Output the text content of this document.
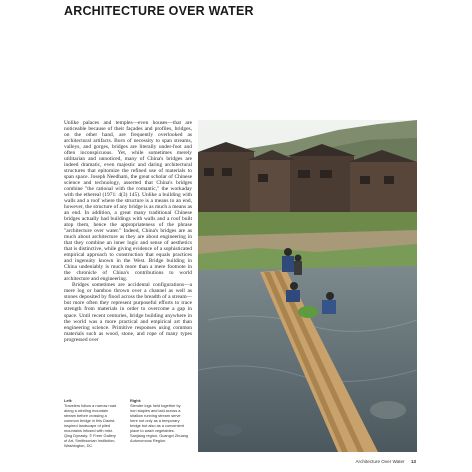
ARCHITECTURE OVER WATER

Unlike palaces and temples—even houses—that are noticeable because of their façades and profiles, bridges, on the other hand, are frequently overlooked as architectural artifacts. Born of necessity to span streams, valleys, and gorges, bridges are literally under-foot and often inconspicuous. Yet, while sometimes merely utilitarian and unnoticed, many of China's bridges are indeed dramatic, even majestic and daring architectural structures that epitomize the refined use of materials to span space. Joseph Needham, the great scholar of Chinese science and technology, asserted that China's bridges combine "the rational with the romantic," the workaday with the ethereal (1971: 4(3) 145). Unlike a building with walls and a roof where the structure is a means to an end, however, the structure of any bridge is as much a means as an end. In addition, a great many traditional Chinese bridges actually had buildings with walls and a roof built atop them, hence the appropriateness of the phrase "architecture over water." Indeed, China's bridges are as much about architecture as they are about engineering in that they combine an inner logic and sense of aesthetics that is distinctive, while giving evidence of a sophisticated empirical approach to construction that equals practices and ingenuity known in the West. Bridge building in China undeniably is much more than a mere footnote in the chronicle of China's contributions to world architecture and engineering.

Bridges sometimes are accidental configurations—a mere log or bamboo thrown over a channel as well as stones deposited by flood across the breadth of a stream—but more often they represent purposeful efforts to trace strength from materials in order to overcome a gap in space. Until recent centuries, bridge building anywhere in the world was a more practical and empirical art than engineering science. Primitive responses using common materials such as wood, stone, and rope of many types progressed over

Left:
Travelers follow a narrow road along a winding mountain stream before crossing a common bridge in this Daoist-inspired landscape of piled mountains infused with mist. Qing Dynasty. © Freer Gallery of Art, Smithsonian Institution, Washington, DC.
Right:
Slender logs held together by iron staples and laid across a shallow running stream serve here not only as a temporary bridge but also as a convenient place to wash vegetables. Sanjiang region, Guangxi Zhuang Autonomous Region.
Architecture Over Water 13
